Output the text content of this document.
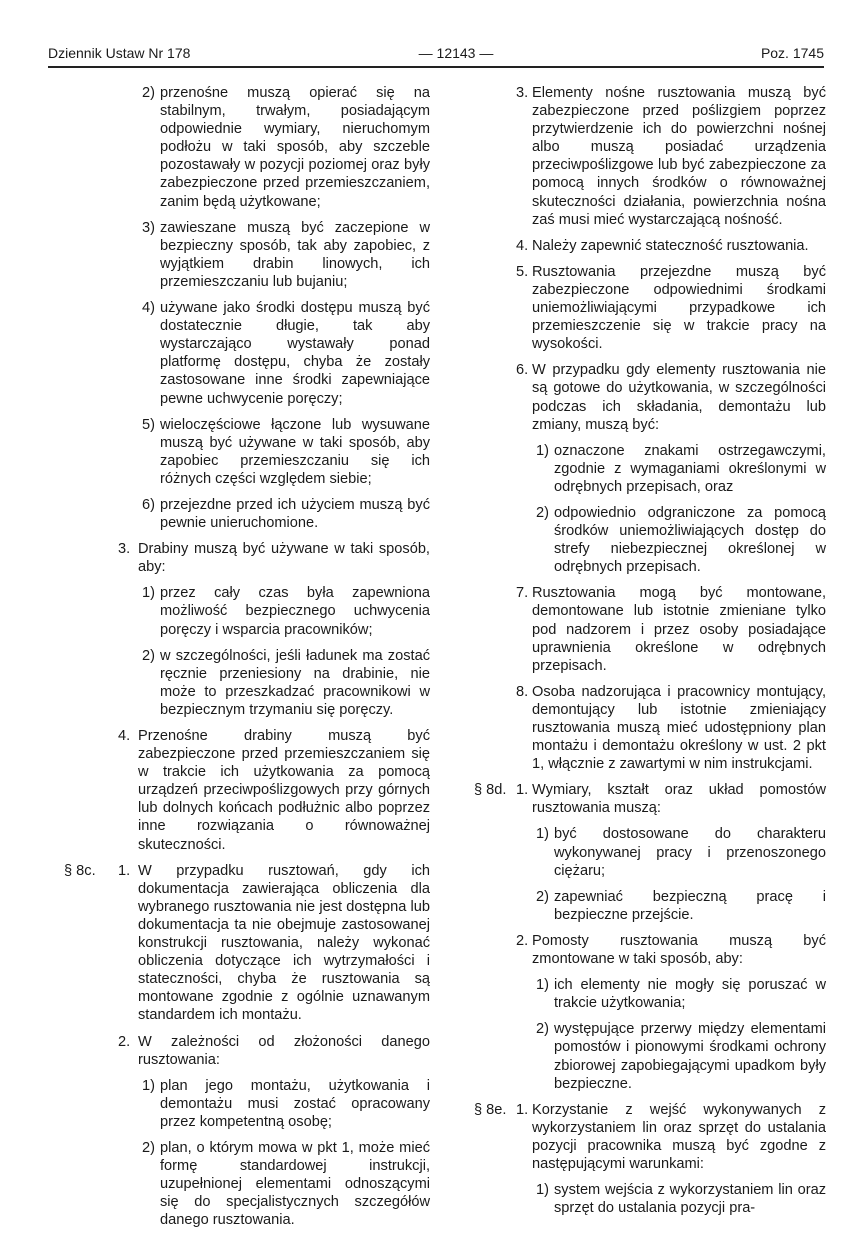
Dziennik Ustaw Nr 178	— 12143 —	Poz. 1745
2) przenośne muszą opierać się na stabilnym, trwałym, posiadającym odpowiednie wymiary, nieruchomym podłożu w taki sposób, aby szczeble pozostawały w pozycji poziomej oraz były zabezpieczone przed przemieszczaniem, zanim będą użytkowane;
3) zawieszane muszą być zaczepione w bezpieczny sposób, tak aby zapobiec, z wyjątkiem drabin linowych, ich przemieszczaniu lub bujaniu;
4) używane jako środki dostępu muszą być dostatecznie długie, tak aby wystarczająco wystawały ponad platformę dostępu, chyba że zostały zastosowane inne środki zapewniające pewne uchwycenie poręczy;
5) wieloczęściowe łączone lub wysuwane muszą być używane w taki sposób, aby zapobiec przemieszczaniu się ich różnych części względem siebie;
6) przejezdne przed ich użyciem muszą być pewnie unieruchomione.
3. Drabiny muszą być używane w taki sposób, aby:
1) przez cały czas była zapewniona możliwość bezpiecznego uchwycenia poręczy i wsparcia pracowników;
2) w szczególności, jeśli ładunek ma zostać ręcznie przeniesiony na drabinie, nie może to przeszkadzać pracownikowi w bezpiecznym trzymaniu się poręczy.
4. Przenośne drabiny muszą być zabezpieczone przed przemieszczaniem się w trakcie ich użytkowania za pomocą urządzeń przeciwpoślizgowych przy górnych lub dolnych końcach podłużnic albo poprzez inne rozwiązania o równoważnej skuteczności.
§ 8c. 1. W przypadku rusztowań, gdy ich dokumentacja zawierająca obliczenia dla wybranego rusztowania nie jest dostępna lub dokumentacja ta nie obejmuje zastosowanej konstrukcji rusztowania, należy wykonać obliczenia dotyczące ich wytrzymałości i stateczności, chyba że rusztowania są montowane zgodnie z ogólnie uznawanym standardem ich montażu.
2. W zależności od złożoności danego rusztowania:
1) plan jego montażu, użytkowania i demontażu musi zostać opracowany przez kompetentną osobę;
2) plan, o którym mowa w pkt 1, może mieć formę standardowej instrukcji, uzupełnionej elementami odnoszącymi się do specjalistycznych szczegółów danego rusztowania.
3. Elementy nośne rusztowania muszą być zabezpieczone przed poślizgiem poprzez przytwierdzenie ich do powierzchni nośnej albo muszą posiadać urządzenia przeciwpoślizgowe lub być zabezpieczone za pomocą innych środków o równoważnej skuteczności działania, powierzchnia nośna zaś musi mieć wystarczającą nośność.
4. Należy zapewnić stateczność rusztowania.
5. Rusztowania przejezdne muszą być zabezpieczone odpowiednimi środkami uniemożliwiającymi przypadkowe ich przemieszczenie się w trakcie pracy na wysokości.
6. W przypadku gdy elementy rusztowania nie są gotowe do użytkowania, w szczególności podczas ich składania, demontażu lub zmiany, muszą być:
1) oznaczone znakami ostrzegawczymi, zgodnie z wymaganiami określonymi w odrębnych przepisach, oraz
2) odpowiednio odgraniczone za pomocą środków uniemożliwiających dostęp do strefy niebezpiecznej określonej w odrębnych przepisach.
7. Rusztowania mogą być montowane, demontowane lub istotnie zmieniane tylko pod nadzorem i przez osoby posiadające uprawnienia określone w odrębnych przepisach.
8. Osoba nadzorująca i pracownicy montujący, demontujący lub istotnie zmieniający rusztowania muszą mieć udostępniony plan montażu i demontażu określony w ust. 2 pkt 1, włącznie z zawartymi w nim instrukcjami.
§ 8d. 1. Wymiary, kształt oraz układ pomostów rusztowania muszą:
1) być dostosowane do charakteru wykonywanej pracy i przenoszonego ciężaru;
2) zapewniać bezpieczną pracę i bezpieczne przejście.
2. Pomosty rusztowania muszą być zmontowane w taki sposób, aby:
1) ich elementy nie mogły się poruszać w trakcie użytkowania;
2) występujące przerwy między elementami pomostów i pionowymi środkami ochrony zbiorowej zapobiegającymi upadkom były bezpieczne.
§ 8e. 1. Korzystanie z wejść wykonywanych z wykorzystaniem lin oraz sprzęt do ustalania pozycji pracownika muszą być zgodne z następującymi warunkami:
1) system wejścia z wykorzystaniem lin oraz sprzęt do ustalania pozycji pra-
